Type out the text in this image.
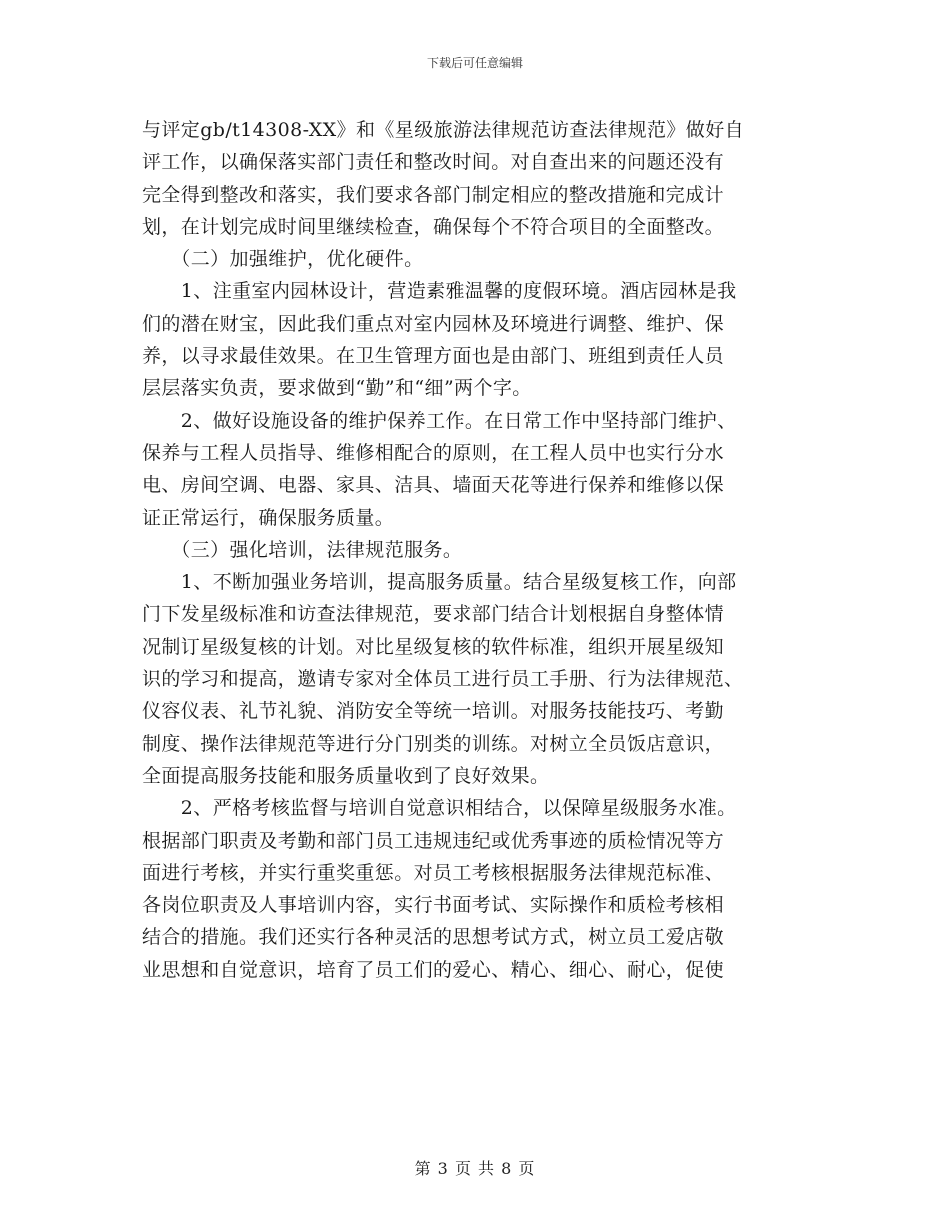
下载后可任意编辑
与评定gb/t14308-XX》和《星级旅游法律规范访查法律规范》做好自
评工作，以确保落实部门责任和整改时间。对自查出来的问题还没有
完全得到整改和落实，我们要求各部门制定相应的整改措施和完成计
划，在计划完成时间里继续检查，确保每个不符合项目的全面整改。
　　（二）加强维护，优化硬件。
　　1、注重室内园林设计，营造素雅温馨的度假环境。酒店园林是我
们的潜在财宝，因此我们重点对室内园林及环境进行调整、维护、保
养，以寻求最佳效果。在卫生管理方面也是由部门、班组到责任人员
层层落实负责，要求做到“勤”和“细”两个字。
　　2、做好设施设备的维护保养工作。在日常工作中坚持部门维护、
保养与工程人员指导、维修相配合的原则，在工程人员中也实行分水
电、房间空调、电器、家具、洁具、墙面天花等进行保养和维修以保
证正常运行，确保服务质量。
　　（三）强化培训，法律规范服务。
　　1、不断加强业务培训，提高服务质量。结合星级复核工作，向部
门下发星级标准和访查法律规范，要求部门结合计划根据自身整体情
况制订星级复核的计划。对比星级复核的软件标准，组织开展星级知
识的学习和提高，邀请专家对全体员工进行员工手册、行为法律规范、
仪容仪表、礼节礼貌、消防安全等统一培训。对服务技能技巧、考勤
制度、操作法律规范等进行分门别类的训练。对树立全员饭店意识，
全面提高服务技能和服务质量收到了良好效果。
　　2、严格考核监督与培训自觉意识相结合，以保障星级服务水准。
根据部门职责及考勤和部门员工违规违纪或优秀事迹的质检情况等方
面进行考核，并实行重奖重惩。对员工考核根据服务法律规范标准、
各岗位职责及人事培训内容，实行书面考试、实际操作和质检考核相
结合的措施。我们还实行各种灵活的思想考试方式，树立员工爱店敬
业思想和自觉意识，培育了员工们的爱心、精心、细心、耐心，促使
第 3 页 共 8 页
